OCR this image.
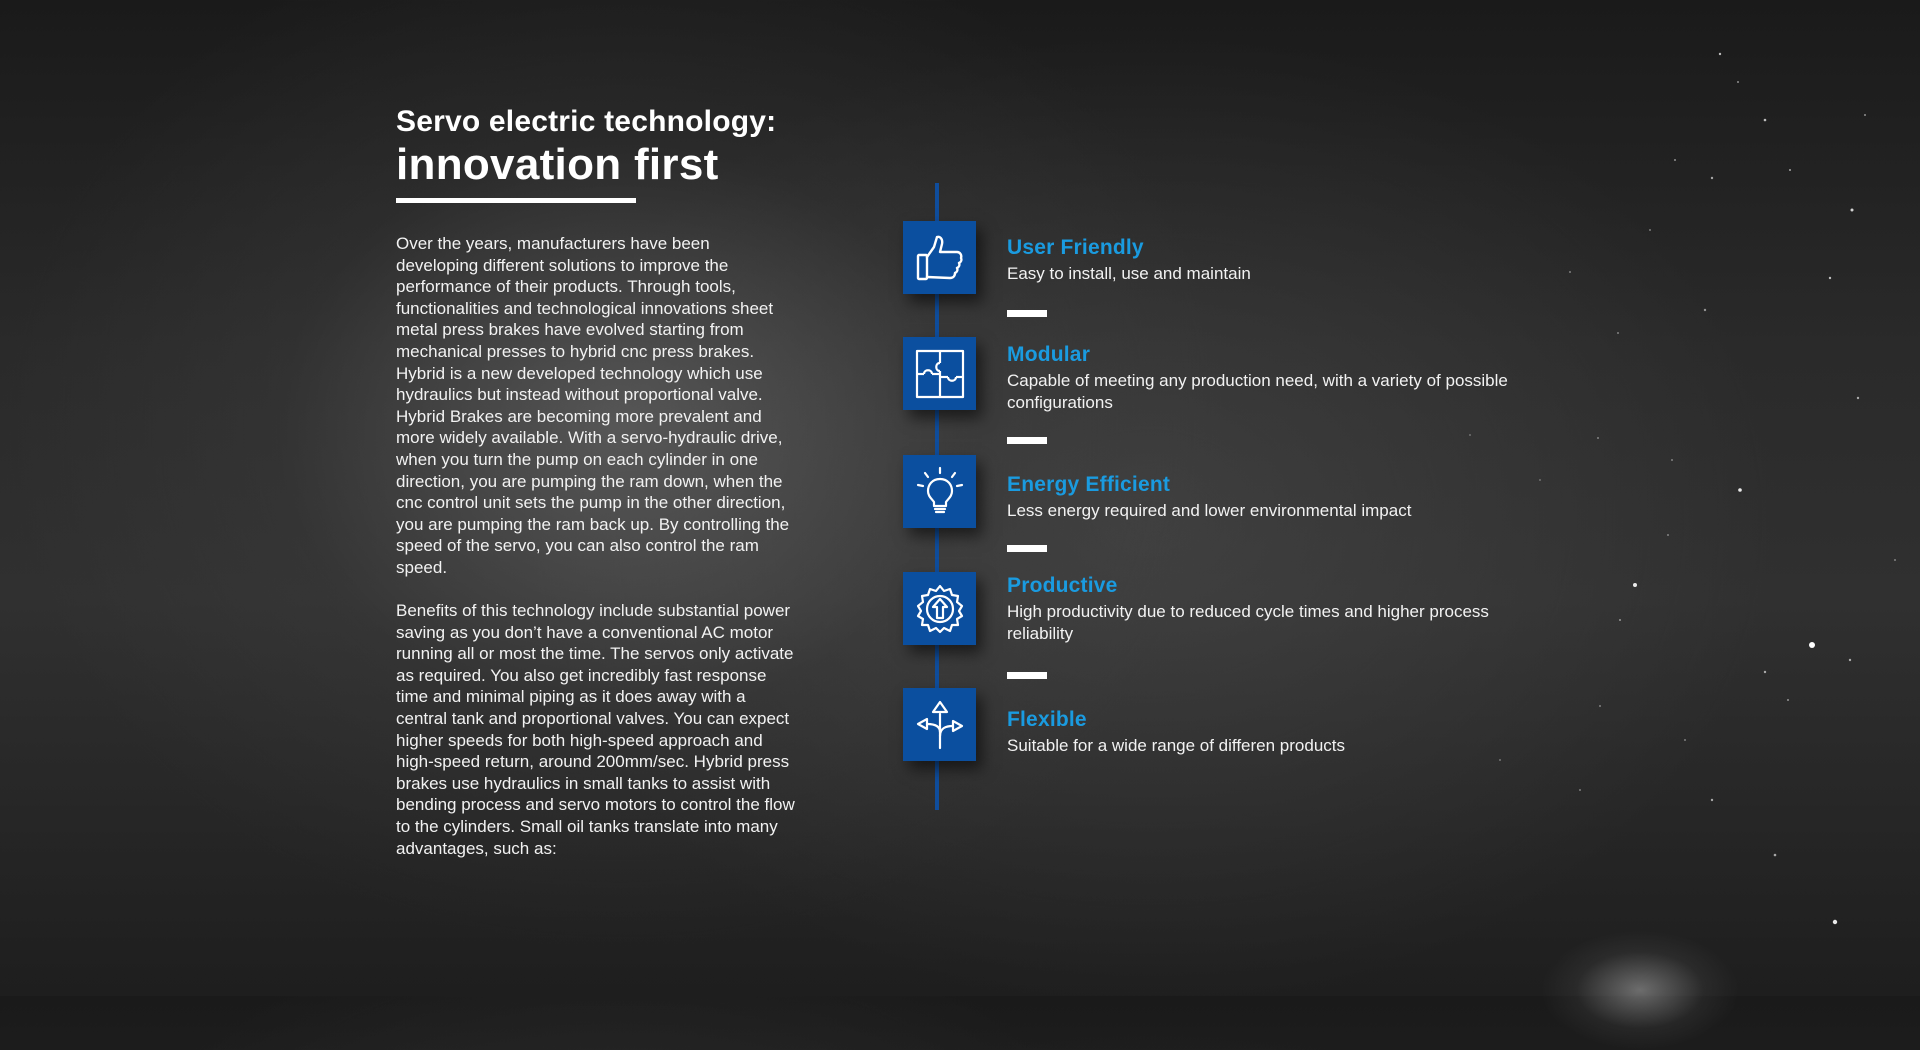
Servo electric technology:
innovation first

Over the years, manufacturers have been developing different solutions to improve the performance of their products. Through tools, functionalities and technological innovations sheet metal press brakes have evolved starting from mechanical presses to hybrid cnc press brakes. Hybrid is a new developed technology which use hydraulics but instead without proportional valve. Hybrid Brakes are becoming more prevalent and more widely available. With a servo-hydraulic drive, when you turn the pump on each cylinder in one direction, you are pumping the ram down, when the cnc control unit sets the pump in the other direction, you are pumping the ram back up. By controlling the speed of the servo, you can also control the ram speed.

Benefits of this technology include substantial power saving as you don’t have a conventional AC motor running all or most the time. The servos only activate as required. You also get incredibly fast response time and minimal piping as it does away with a central tank and proportional valves. You can expect higher speeds for both high-speed approach and high-speed return, around 200mm/sec. Hybrid press brakes use hydraulics in small tanks to assist with bending process and servo motors to control the flow to the cylinders. Small oil tanks translate into many advantages, such as:

User Friendly
Easy to install, use and maintain
Modular
Capable of meeting any production need, with a variety of possible configurations
Energy Efficient
Less energy required and lower environmental impact
Productive
High productivity due to reduced cycle times and higher process reliability
Flexible
Suitable for a wide range of differen products
